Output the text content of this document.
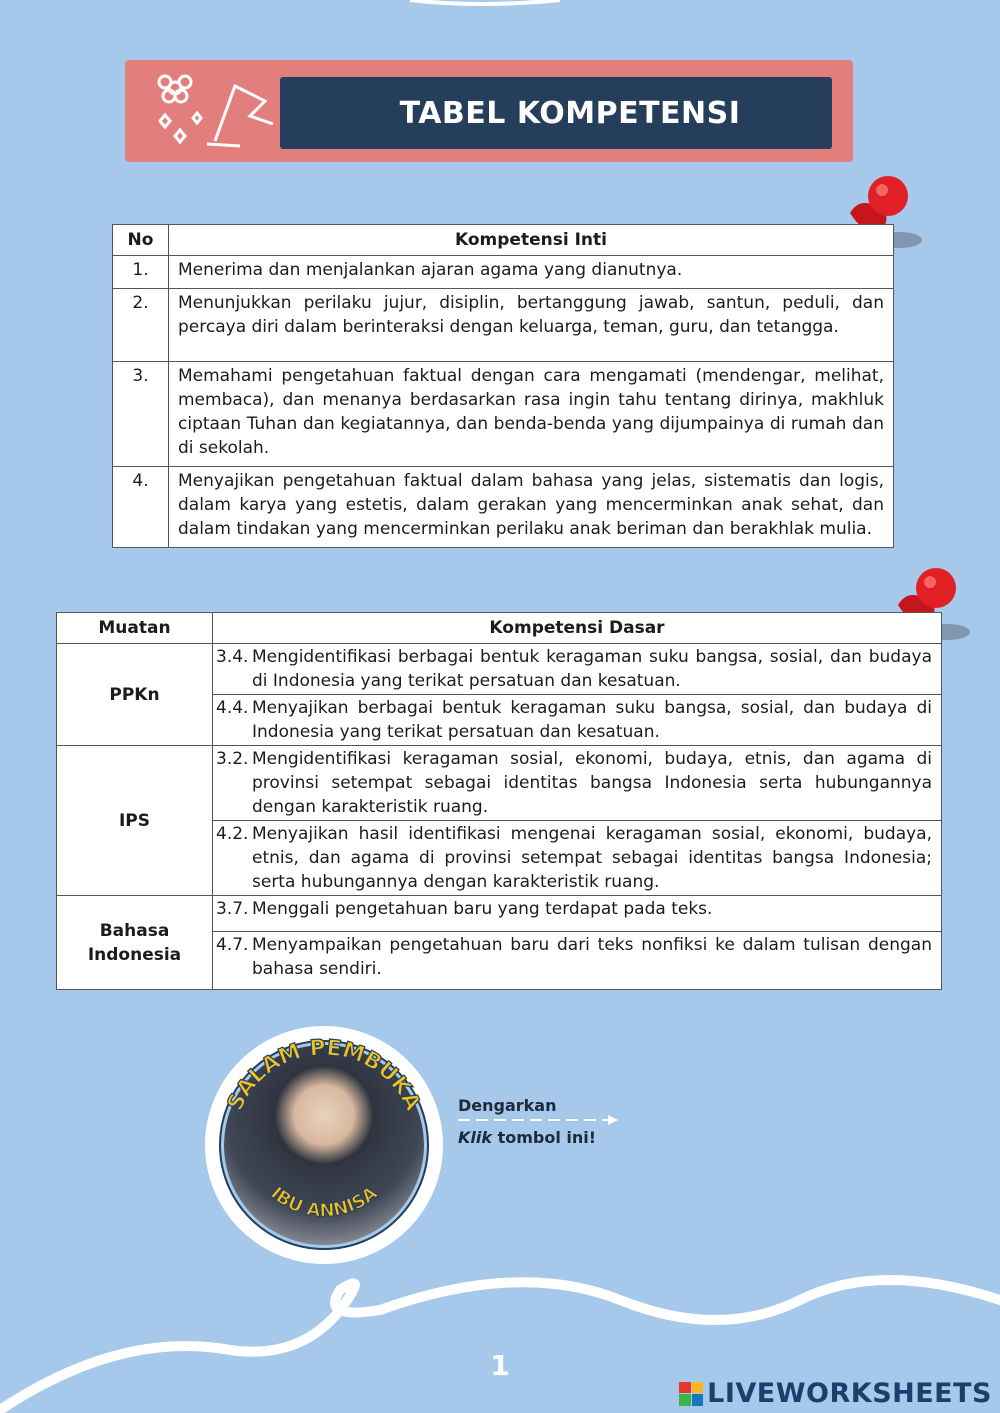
TABEL KOMPETENSI
No	Kompetensi Inti
1.	Menerima dan menjalankan ajaran agama yang dianutnya.
2.	Menunjukkan perilaku jujur, disiplin, bertanggung jawab, santun, peduli, dan percaya diri dalam berinteraksi dengan keluarga, teman, guru, dan tetangga.
3.	Memahami pengetahuan faktual dengan cara mengamati (mendengar, melihat, membaca), dan menanya berdasarkan rasa ingin tahu tentang dirinya, makhluk ciptaan Tuhan dan kegiatannya, dan benda-benda yang dijumpainya di rumah dan di sekolah.
4.	Menyajikan pengetahuan faktual dalam bahasa yang jelas, sistematis dan logis, dalam karya yang estetis, dalam gerakan yang mencerminkan anak sehat, dan dalam tindakan yang mencerminkan perilaku anak beriman dan berakhlak mulia.
Muatan	Kompetensi Dasar
PPKn	3.4. Mengidentifikasi berbagai bentuk keragaman suku bangsa, sosial, dan budaya di Indonesia yang terikat persatuan dan kesatuan.

	4.4. Menyajikan berbagai bentuk keragaman suku bangsa, sosial, dan budaya di Indonesia yang terikat persatuan dan kesatuan.

IPS	3.2. Mengidentifikasi keragaman sosial, ekonomi, budaya, etnis, dan agama di provinsi setempat sebagai identitas bangsa Indonesia serta hubungannya dengan karakteristik ruang.

	4.2. Menyajikan hasil identifikasi mengenai keragaman sosial, ekonomi, budaya, etnis, dan agama di provinsi setempat sebagai identitas bangsa Indonesia; serta hubungannya dengan karakteristik ruang.

Bahasa Indonesia	3.7. Menggali pengetahuan baru yang terdapat pada teks.

	4.7. Menyampaikan pengetahuan baru dari teks nonfiksi ke dalam tulisan dengan bahasa sendiri.
SALAM PEMBUKA
IBU ANNISA
Dengarkan
Klik tombol ini!
1
LIVEWORKSHEETS
